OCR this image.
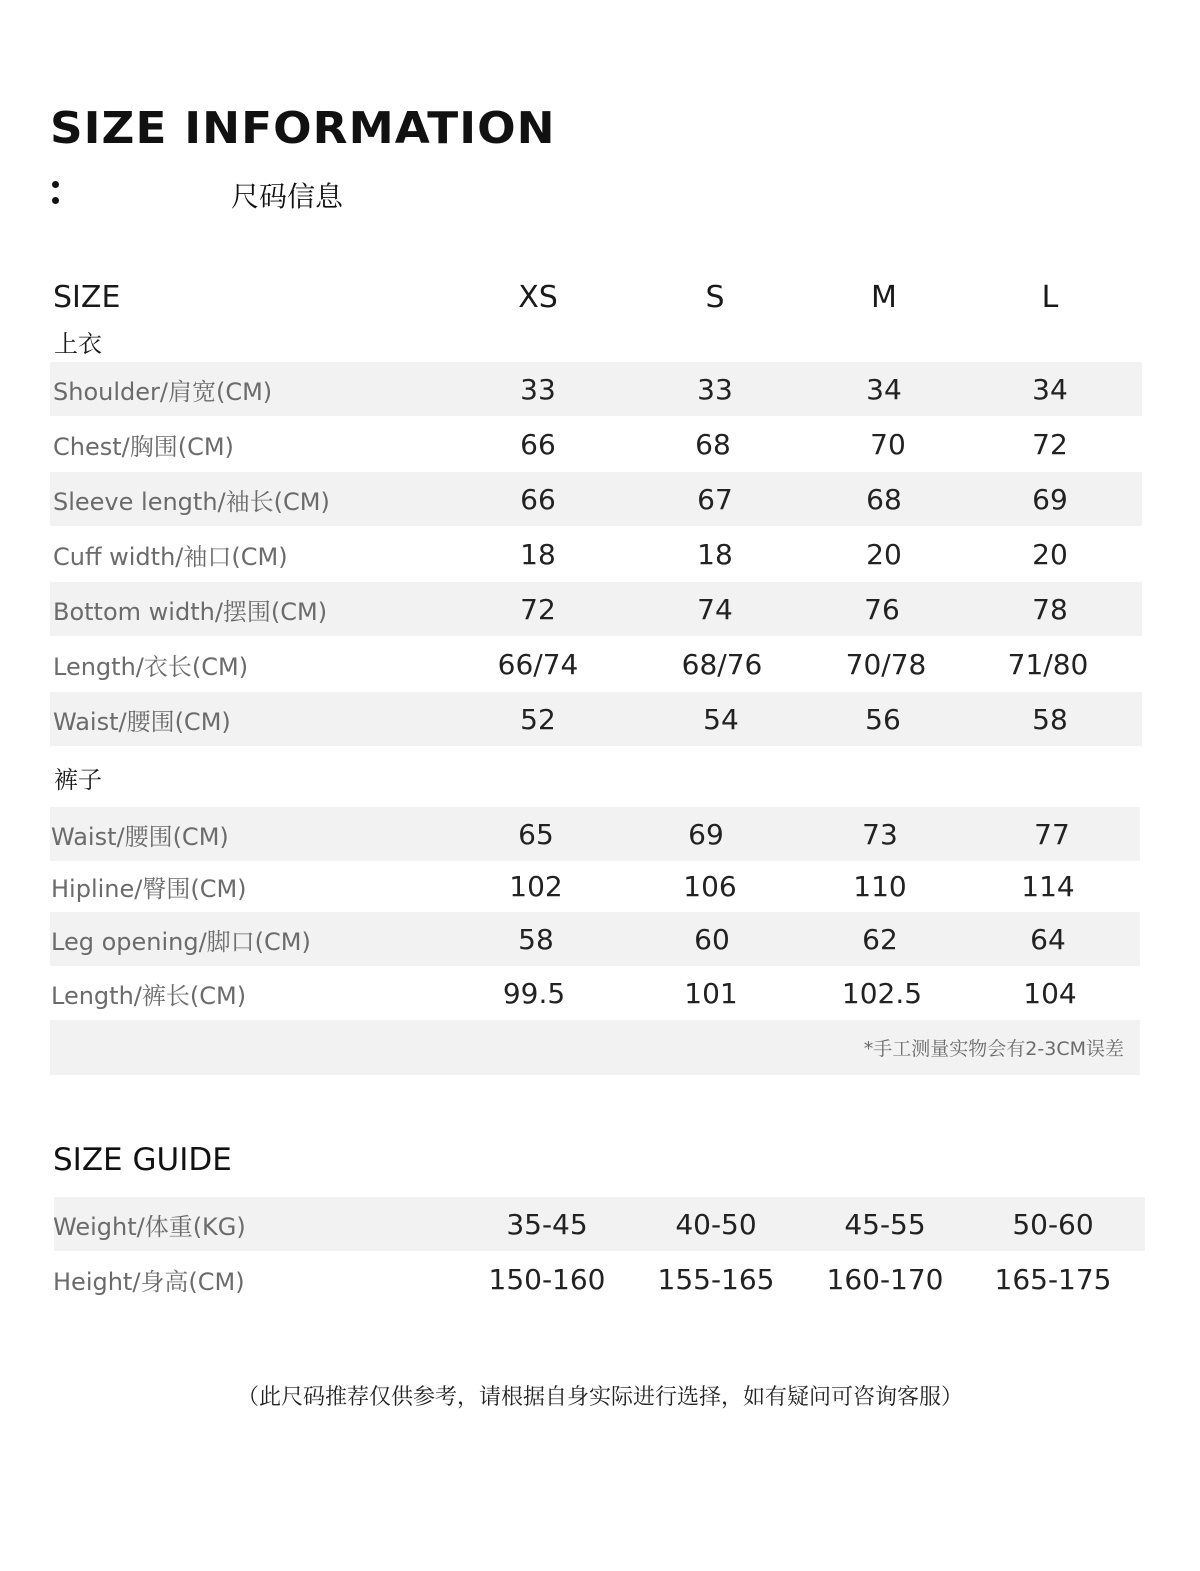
SIZE INFORMATION
尺码信息
SIZE	XS	S	M	L
上衣
Shoulder/肩宽(CM)	33	33	34	34
Chest/胸围(CM)	66	68	70	72
Sleeve length/袖长(CM)	66	67	68	69
Cuff width/袖口(CM)	18	18	20	20
Bottom width/摆围(CM)	72	74	76	78
Length/衣长(CM)	66/74	68/76	70/78	71/80
Waist/腰围(CM)	52	54	56	58
裤子
Waist/腰围(CM)	65	69	73	77
Hipline/臀围(CM)	102	106	110	114
Leg opening/脚口(CM)	58	60	62	64
Length/裤长(CM)	99.5	101	102.5	104
*手工测量实物会有2-3CM误差
SIZE GUIDE
Weight/体重(KG)	35-45	40-50	45-55	50-60
Height/身高(CM)	150-160	155-165	160-170	165-175
（此尺码推荐仅供参考，请根据自身实际进行选择，如有疑问可咨询客服）
